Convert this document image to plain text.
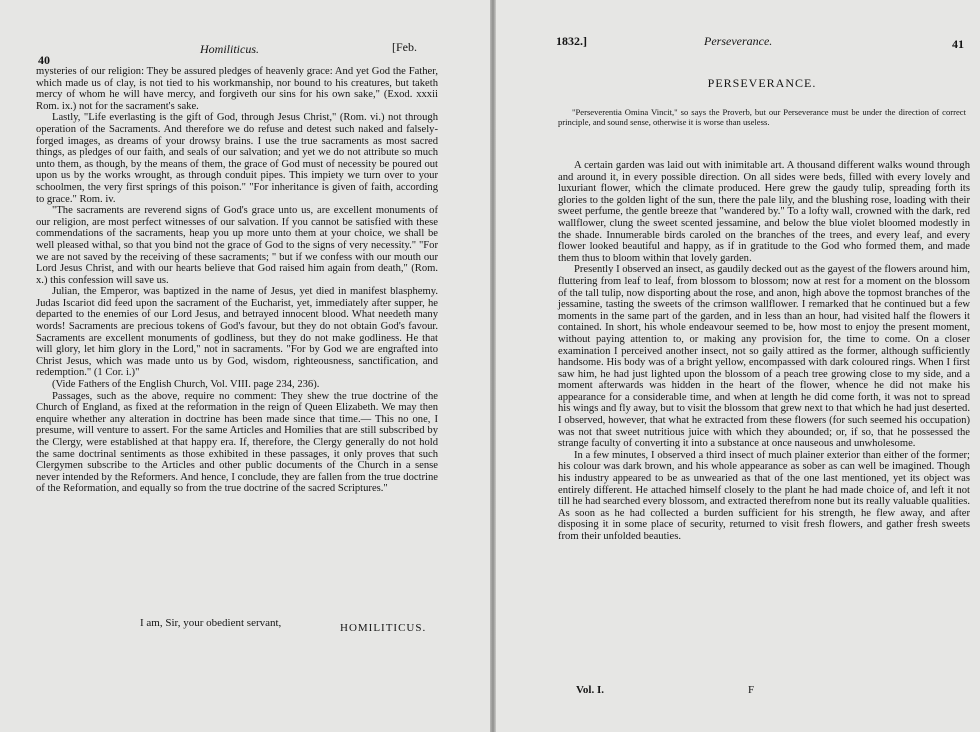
40
Homiliticus.	[Feb.

mysteries of our religion: They be assured pledges of heavenly grace: And yet God the Father, which made us of clay, is not tied to his workmanship, nor bound to his creatures, but taketh mercy of whom he will have mercy, and forgiveth our sins for his own sake," (Exod. xxxii Rom. ix.) not for the sacrament's sake.

Lastly, "Life everlasting is the gift of God, through Jesus Christ," (Rom. vi.) not through operation of the Sacraments. And therefore we do refuse and detest such naked and falsely-forged images, as dreams of your drowsy brains. I use the true sacraments as most sacred things, as pledges of our faith, and seals of our salvation; and yet we do not attribute so much unto them, as though, by the means of them, the grace of God must of necessity be poured out upon us by the works wrought, as through conduit pipes. This impiety we turn over to your schoolmen, the very first springs of this poison." "For inheritance is given of faith, according to grace." Rom. iv.

"The sacraments are reverend signs of God's grace unto us, are excellent monuments of our religion, are most perfect witnesses of our salvation. If you cannot be satisfied with these commendations of the sacraments, heap you up more unto them at your choice, we shall be well pleased withal, so that you bind not the grace of God to the signs of very necessity." "For we are not saved by the receiving of these sacraments; " but if we confess with our mouth our Lord Jesus Christ, and with our hearts believe that God raised him again from death," (Rom. x.) this confession will save us.

Julian, the Emperor, was baptized in the name of Jesus, yet died in manifest blasphemy. Judas Iscariot did feed upon the sacrament of the Eucharist, yet, immediately after supper, he departed to the enemies of our Lord Jesus, and betrayed innocent blood. What needeth many words! Sacraments are precious tokens of God's favour, but they do not obtain God's favour. Sacraments are excellent monuments of godliness, but they do not make godliness. He that will glory, let him glory in the Lord," not in sacraments. "For by God we are engrafted into Christ Jesus, which was made unto us by God, wisdom, righteousness, sanctification, and redemption." (1 Cor. i.)"

(Vide Fathers of the English Church, Vol. VIII. page 234, 236).

Passages, such as the above, require no comment: They shew the true doctrine of the Church of England, as fixed at the reformation in the reign of Queen Elizabeth. We may then enquire whether any alteration in doctrine has been made since that time.— This no one, I presume, will venture to assert. For the same Articles and Homilies that are still subscribed by the Clergy, were established at that happy era. If, therefore, the Clergy generally do not hold the same doctrinal sentiments as those exhibited in these passages, it only proves that such Clergymen subscribe to the Articles and other public documents of the Church in a sense never intended by the Reformers. And hence, I conclude, they are fallen from the true doctrine of the Reformation, and equally so from the true doctrine of the sacred Scriptures."

I am, Sir, your obedient servant,	HOMILITICUS.
1832.]	Perseverance.	41
PERSEVERANCE.

"Perseverentia Omina Vincit," so says the Proverb, but our Perseverance must be under the direction of correct principle, and sound sense, otherwise it is worse than useless.

A certain garden was laid out with inimitable art. A thousand different walks wound through and around it, in every possible direction. On all sides were beds, filled with every lovely and luxuriant flower, which the climate produced. Here grew the gaudy tulip, spreading forth its glories to the golden light of the sun, there the pale lily, and the blushing rose, loading with their sweet perfume, the gentle breeze that "wandered by." To a lofty wall, crowned with the dark, red wallflower, clung the sweet scented jessamine, and below the blue violet bloomed modestly in the shade. Innumerable birds caroled on the branches of the trees, and every leaf, and every flower looked beautiful and happy, as if in gratitude to the God who formed them, and made them thus to bloom within that lovely garden.

Presently I observed an insect, as gaudily decked out as the gayest of the flowers around him, fluttering from leaf to leaf, from blossom to blossom; now at rest for a moment on the blossom of the tall tulip, now disporting about the rose, and anon, high above the topmost branches of the jessamine, tasting the sweets of the crimson wallflower. I remarked that he continued but a few moments in the same part of the garden, and in less than an hour, had visited half the flowers it contained. In short, his whole endeavour seemed to be, how most to enjoy the present moment, without paying attention to, or making any provision for, the time to come. On a closer examination I perceived another insect, not so gaily attired as the former, although sufficiently handsome. His body was of a bright yellow, encompassed with dark coloured rings. When I first saw him, he had just lighted upon the blossom of a peach tree growing close to my side, and a moment afterwards was hidden in the heart of the flower, whence he did not make his appearance for a considerable time, and when at length he did come forth, it was not to spread his wings and fly away, but to visit the blossom that grew next to that which he had just deserted. I observed, however, that what he extracted from these flowers (for such seemed his occupation) was not that sweet nutritious juice with which they abounded; or, if so, that he possessed the strange faculty of converting it into a substance at once nauseous and unwholesome.

In a few minutes, I observed a third insect of much plainer exterior than either of the former; his colour was dark brown, and his whole appearance as sober as can well be imagined. Though his industry appeared to be as unwearied as that of the one last mentioned, yet its object was entirely different. He attached himself closely to the plant he had made choice of, and left it not till he had searched every blossom, and extracted therefrom none but its really valuable qualities. As soon as he had collected a burden sufficient for his strength, he flew away, and after disposing it in some place of security, returned to visit fresh flowers, and gather fresh sweets from their unfolded beauties.

Vol. I.	F
